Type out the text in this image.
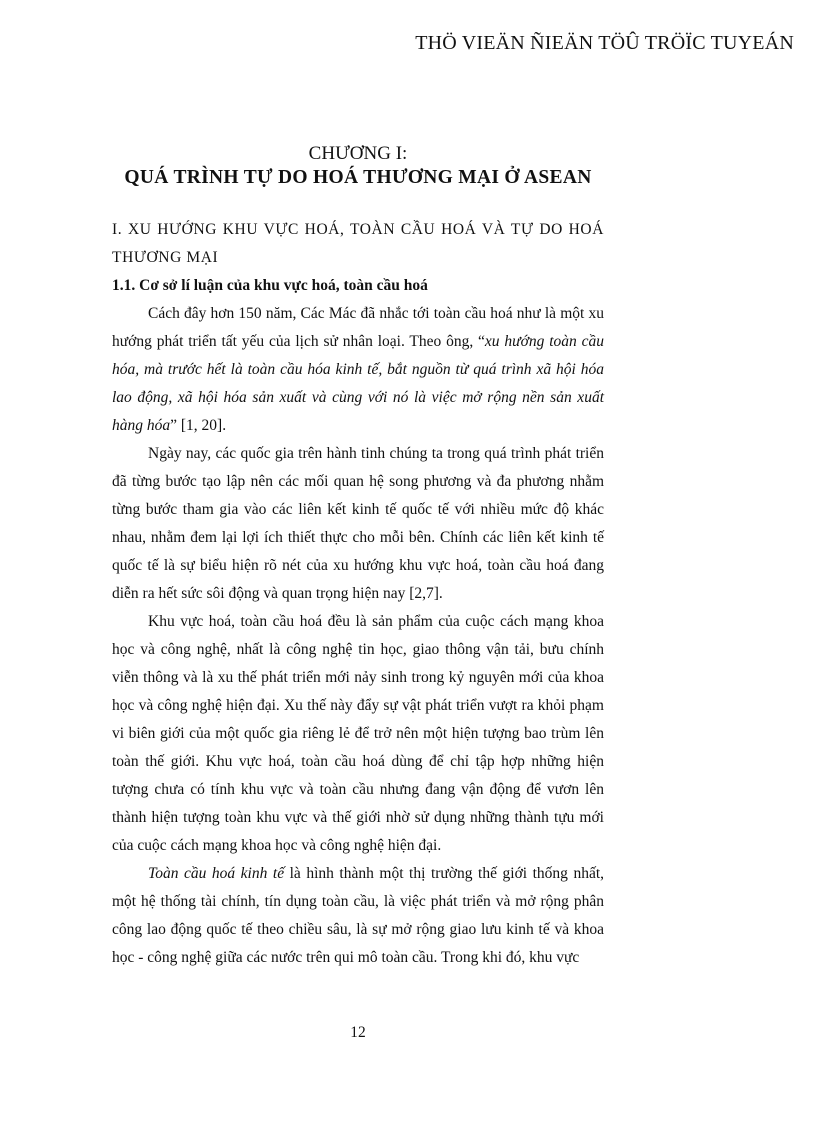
THÖ VIEÄN ÑIEÄN TÖÛ TRÖÏC TUYEÁN
CHƯƠNG I:
QUÁ TRÌNH TỰ DO HOÁ THƯƠNG MẠI Ở ASEAN

I. XU HƯỚNG KHU VỰC HOÁ, TOÀN CẦU HOÁ VÀ TỰ DO HOÁ THƯƠNG MẠI

1.1. Cơ sở lí luận của khu vực hoá, toàn cầu hoá

Cách đây hơn 150 năm, Các Mác đã nhắc tới toàn cầu hoá như là một xu hướng phát triển tất yếu của lịch sử nhân loại. Theo ông, “xu hướng toàn cầu hóa, mà trước hết là toàn cầu hóa kinh tế, bắt nguồn từ quá trình xã hội hóa lao động, xã hội hóa sản xuất và cùng với nó là việc mở rộng nền sản xuất hàng hóa” [1, 20].

Ngày nay, các quốc gia trên hành tinh chúng ta trong quá trình phát triển đã từng bước tạo lập nên các mối quan hệ song phương và đa phương nhằm từng bước tham gia vào các liên kết kinh tế quốc tế với nhiều mức độ khác nhau, nhằm đem lại lợi ích thiết thực cho mỗi bên. Chính các liên kết kinh tế quốc tế là sự biểu hiện rõ nét của xu hướng khu vực hoá, toàn cầu hoá đang diễn ra hết sức sôi động và quan trọng hiện nay [2,7].

Khu vực hoá, toàn cầu hoá đều là sản phẩm của cuộc cách mạng khoa học và công nghệ, nhất là công nghệ tin học, giao thông vận tải, bưu chính viễn thông và là xu thế phát triển mới nảy sinh trong kỷ nguyên mới của khoa học và công nghệ hiện đại. Xu thế này đẩy sự vật phát triển vượt ra khỏi phạm vi biên giới của một quốc gia riêng lẻ để trở nên một hiện tượng bao trùm lên toàn thế giới. Khu vực hoá, toàn cầu hoá dùng để chỉ tập hợp những hiện tượng chưa có tính khu vực và toàn cầu nhưng đang vận động để vươn lên thành hiện tượng toàn khu vực và thế giới nhờ sử dụng những thành tựu mới của cuộc cách mạng khoa học và công nghệ hiện đại.

Toàn cầu hoá kinh tế là hình thành một thị trường thế giới thống nhất, một hệ thống tài chính, tín dụng toàn cầu, là việc phát triển và mở rộng phân công lao động quốc tế theo chiều sâu, là sự mở rộng giao lưu kinh tế và khoa học - công nghệ giữa các nước trên qui mô toàn cầu. Trong khi đó, khu vực

12
